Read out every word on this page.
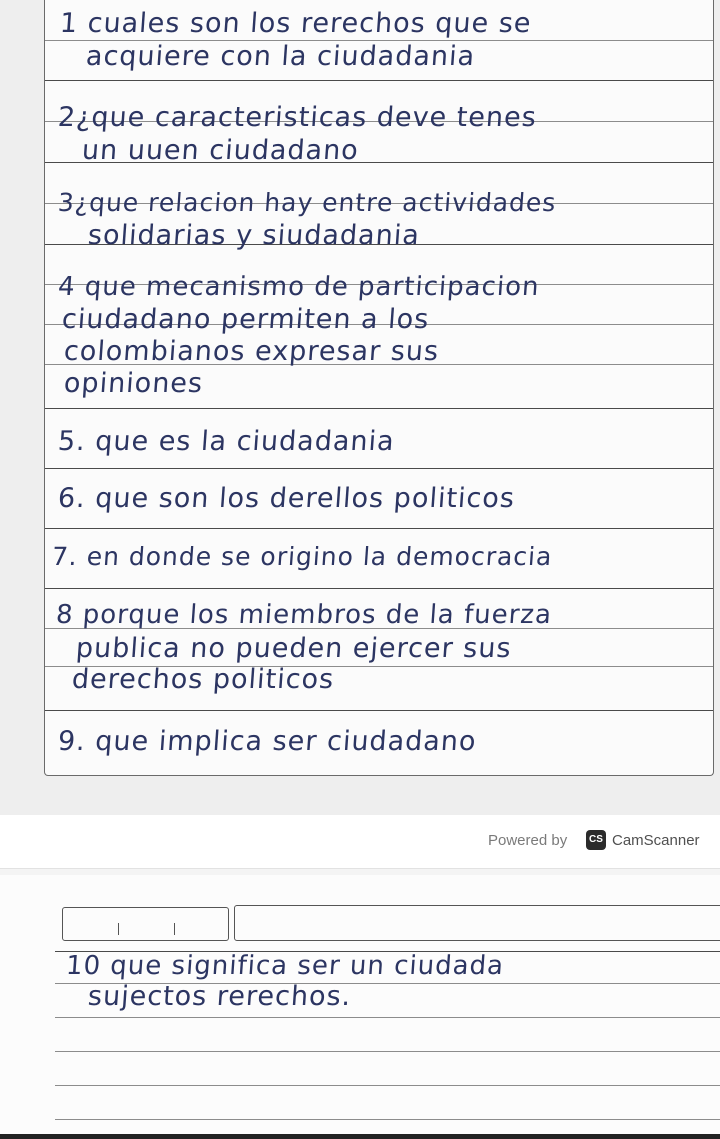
1 cuales son los rerechos que se
acquiere con la ciudadania
2¿que caracteristicas deve tenes
un uuen ciudadano
3¿que relacion hay entre actividades
solidarias y siudadania
4 que mecanismo de participacion
ciudadano permiten a los
colombianos expresar sus
opiniones
5. que es la ciudadania
6. que son los derellos politicos
7. en donde se origino la democracia
8 porque los miembros de la fuerza
publica no pueden ejercer sus
derechos politicos
9. que implica ser ciudadano
Powered by	CS CamScanner
10 que significa ser un ciudada
sujectos rerechos.
